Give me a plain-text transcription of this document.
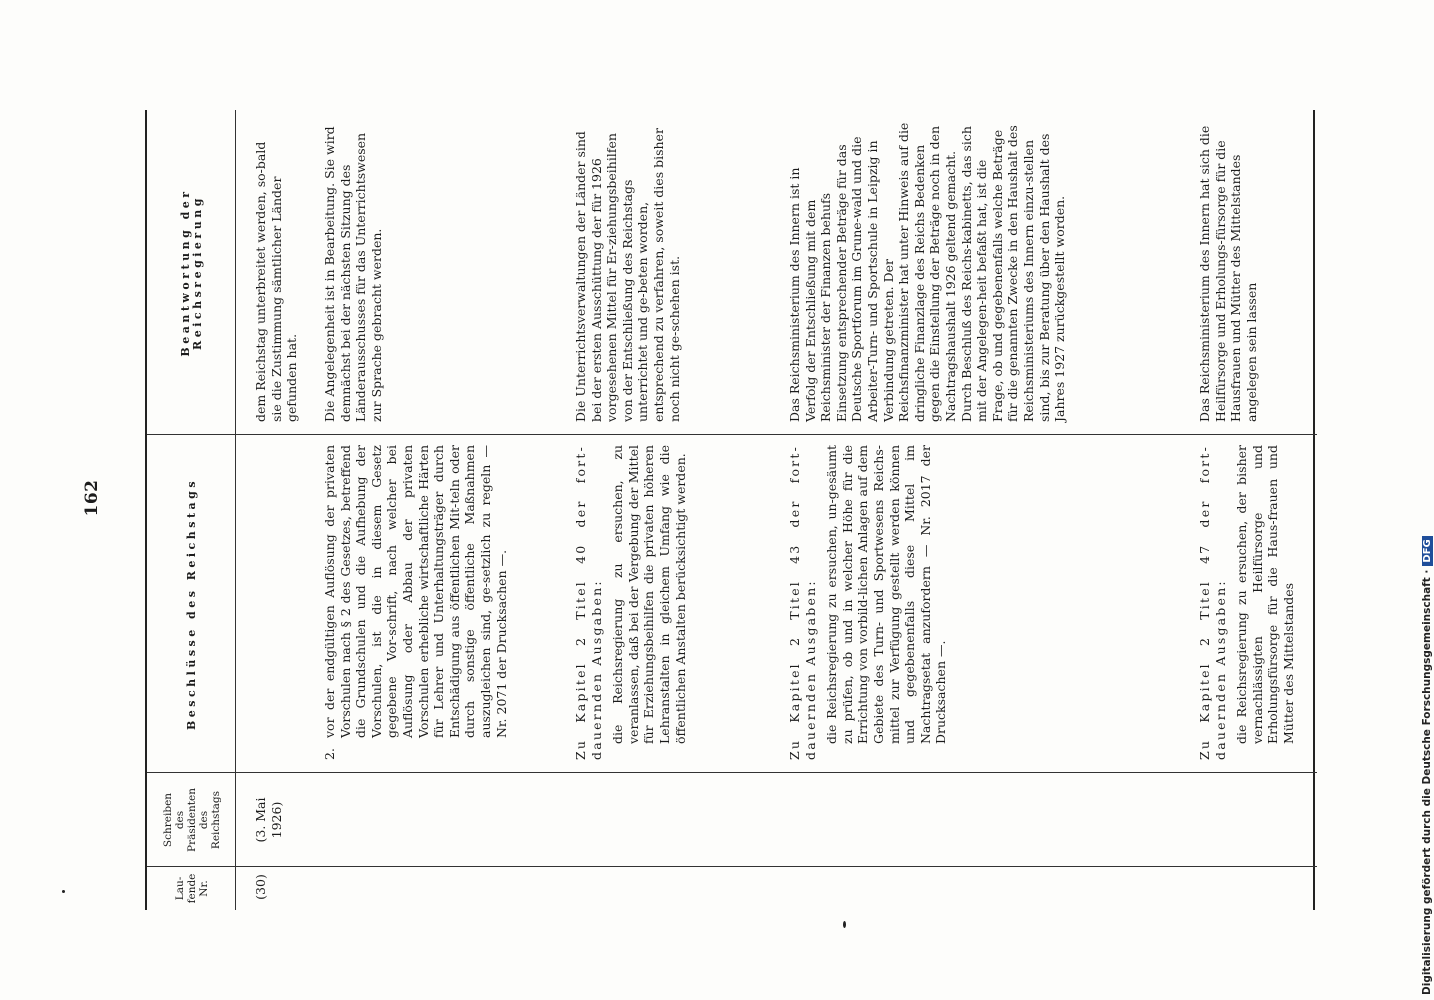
Digitalisierung gefördert durch die Deutsche Forschungsgemeinschaft ·DFG
162
Lau-
fende
Nr.
Schreiben
des
Präsidenten
des
Reichstags
Beschlüsse des Reichstags
Beantwortung der Reichsregierung
(30)
(3. Mai
1926)
dem Reichstag unterbreitet werden, so-bald sie die Zustimmung sämtlicher Länder gefunden hat.
2.
vor der endgültigen Auflösung der privaten Vorschulen nach § 2 des Gesetzes, betreffend die Grundschulen und die Aufhebung der Vorschulen, ist die in diesem Gesetz gegebene Vor-schrift, nach welcher bei Auflösung oder Abbau der privaten Vorschulen erhebliche wirtschaftliche Härten für Lehrer und Unterhaltungsträger durch Entschädigung aus öffentlichen Mit-teln oder durch sonstige öffentliche Maßnahmen auszugleichen sind, ge-setzlich zu regeln — Nr. 2071 der Drucksachen —.
Die Angelegenheit ist in Bearbeitung. Sie wird demnächst bei der nächsten Sitzung des Länderausschusses für das Unterrichtswesen zur Sprache gebracht werden.

Zu Kapitel 2 Titel 40 der fort-dauernden Ausgaben: die Reichsregierung zu ersuchen, zu veranlassen, daß bei der Vergebung der Mittel für Erziehungsbeihilfen die privaten höheren Lehranstalten in gleichem Umfang wie die öffentlichen Anstalten berücksichtigt werden.

Die Unterrichtsverwaltungen der Länder sind bei der ersten Ausschüttung der für 1926 vorgesehenen Mittel für Er-ziehungsbeihilfen von der Entschließung des Reichstags unterrichtet und ge-beten worden, entsprechend zu verfahren, soweit dies bisher noch nicht ge-schehen ist.

Zu Kapitel 2 Titel 43 der fort-dauernden Ausgaben: die Reichsregierung zu ersuchen, un-gesäumt zu prüfen, ob und in welcher Höhe für die Errichtung von vorbild-lichen Anlagen auf dem Gebiete des Turn- und Sportwesens Reichs-mittel zur Verfügung gestellt werden können und gegebenenfalls diese Mittel im Nachtragsetat anzufordern — Nr. 2017 der Drucksachen —.

Das Reichsministerium des Innern ist in Verfolg der Entschließung mit dem Reichsminister der Finanzen behufs Einsetzung entsprechender Beträge für das Deutsche Sportforum im Grune-wald und die Arbeiter-Turn- und Sportschule in Leipzig in Verbindung getreten. Der Reichsfinanzminister hat unter Hinweis auf die dringliche Finanzlage des Reichs Bedenken gegen die Einstellung der Beträge noch in den Nachtragshaushalt 1926 geltend gemacht. Durch Beschluß des Reichs-kabinetts, das sich mit der Angelegen-heit befaßt hat, ist die Frage, ob und gegebenenfalls welche Beträge für die genannten Zwecke in den Haushalt des Reichsministeriums des Innern einzu-stellen sind, bis zur Beratung über den Haushalt des Jahres 1927 zurückgestellt worden.

Zu Kapitel 2 Titel 47 der fort-dauernden Ausgaben: die Reichsregierung zu ersuchen, der bisher vernachlässigten Heilfürsorge und Erholungsfürsorge für die Haus-frauen und Mütter des Mittelstandes

Das Reichsministerium des Innern hat sich die Heilfürsorge und Erholungs-fürsorge für die Hausfrauen und Mütter des Mittelstandes angelegen sein lassen
